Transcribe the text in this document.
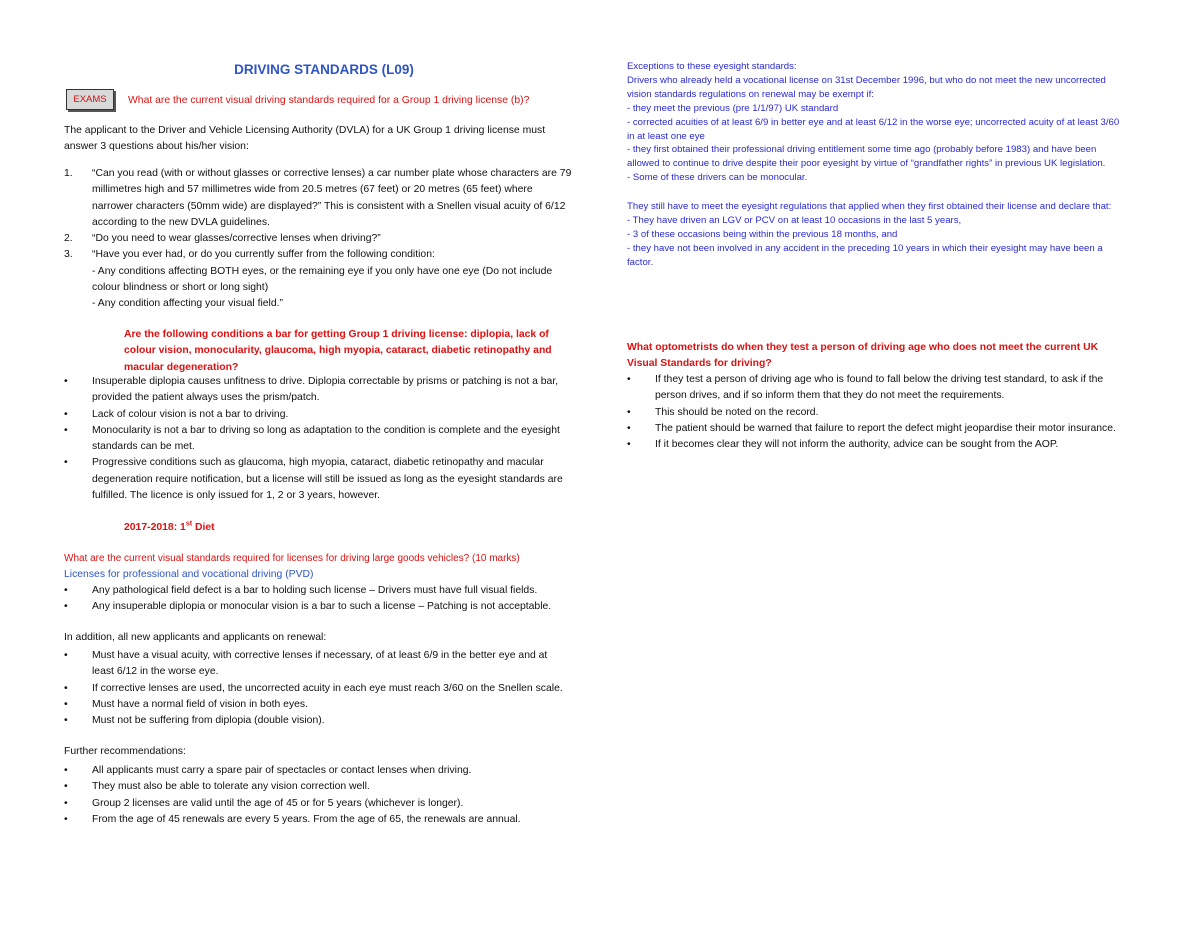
DRIVING STANDARDS (L09)
EXAMS	What are the current visual driving standards required for a Group 1 driving license (b)?

The applicant to the Driver and Vehicle Licensing Authority (DVLA) for a UK Group 1 driving license must answer 3 questions about his/her vision:

1. “Can you read (with or without glasses or corrective lenses) a car number plate whose characters are 79 millimetres high and 57 millimetres wide from 20.5 metres (67 feet) or 20 metres (65 feet) where narrower characters (50mm wide) are displayed?” This is consistent with a Snellen visual acuity of 6/12 according to the new DVLA guidelines.
2. “Do you need to wear glasses/corrective lenses when driving?”
3. “Have you ever had, or do you currently suffer from the following condition:
- Any conditions affecting BOTH eyes, or the remaining eye if you only have one eye (Do not include colour blindness or short or long sight)
- Any condition affecting your visual field.”
Are the following conditions a bar for getting Group 1 driving license: diplopia, lack of colour vision, monocularity, glaucoma, high myopia, cataract, diabetic retinopathy and macular degeneration?
• Insuperable diplopia causes unfitness to drive. Diplopia correctable by prisms or patching is not a bar, provided the patient always uses the prism/patch.
• Lack of colour vision is not a bar to driving.
• Monocularity is not a bar to driving so long as adaptation to the condition is complete and the eyesight standards can be met.
• Progressive conditions such as glaucoma, high myopia, cataract, diabetic retinopathy and macular degeneration require notification, but a license will still be issued as long as the eyesight standards are fulfilled. The licence is only issued for 1, 2 or 3 years, however.
2017-2018: 1st Diet
What are the current visual standards required for licenses for driving large goods vehicles? (10 marks)
Licenses for professional and vocational driving (PVD)
• Any pathological field defect is a bar to holding such license – Drivers must have full visual fields.
• Any insuperable diplopia or monocular vision is a bar to such a license – Patching is not acceptable.
In addition, all new applicants and applicants on renewal:
• Must have a visual acuity, with corrective lenses if necessary, of at least 6/9 in the better eye and at least 6/12 in the worse eye.
• If corrective lenses are used, the uncorrected acuity in each eye must reach 3/60 on the Snellen scale.
• Must have a normal field of vision in both eyes.
• Must not be suffering from diplopia (double vision).
Further recommendations:
• All applicants must carry a spare pair of spectacles or contact lenses when driving.
• They must also be able to tolerate any vision correction well.
• Group 2 licenses are valid until the age of 45 or for 5 years (whichever is longer).
• From the age of 45 renewals are every 5 years. From the age of 65, the renewals are annual.
Exceptions to these eyesight standards:
Drivers who already held a vocational license on 31st December 1996, but who do not meet the new uncorrected vision standards regulations on renewal may be exempt if:
- they meet the previous (pre 1/1/97) UK standard
- corrected acuities of at least 6/9 in better eye and at least 6/12 in the worse eye; uncorrected acuity of at least 3/60 in at least one eye
- they first obtained their professional driving entitlement some time ago (probably before 1983) and have been allowed to continue to drive despite their poor eyesight by virtue of “grandfather rights” in previous UK legislation.
- Some of these drivers can be monocular.
They still have to meet the eyesight regulations that applied when they first obtained their license and declare that:
- They have driven an LGV or PCV on at least 10 occasions in the last 5 years,
- 3 of these occasions being within the previous 18 months, and
- they have not been involved in any accident in the preceding 10 years in which their eyesight may have been a factor.
What optometrists do when they test a person of driving age who does not meet the current UK Visual Standards for driving?
• If they test a person of driving age who is found to fall below the driving test standard, to ask if the person drives, and if so inform them that they do not meet the requirements.
• This should be noted on the record.
• The patient should be warned that failure to report the defect might jeopardise their motor insurance.
• If it becomes clear they will not inform the authority, advice can be sought from the AOP.
